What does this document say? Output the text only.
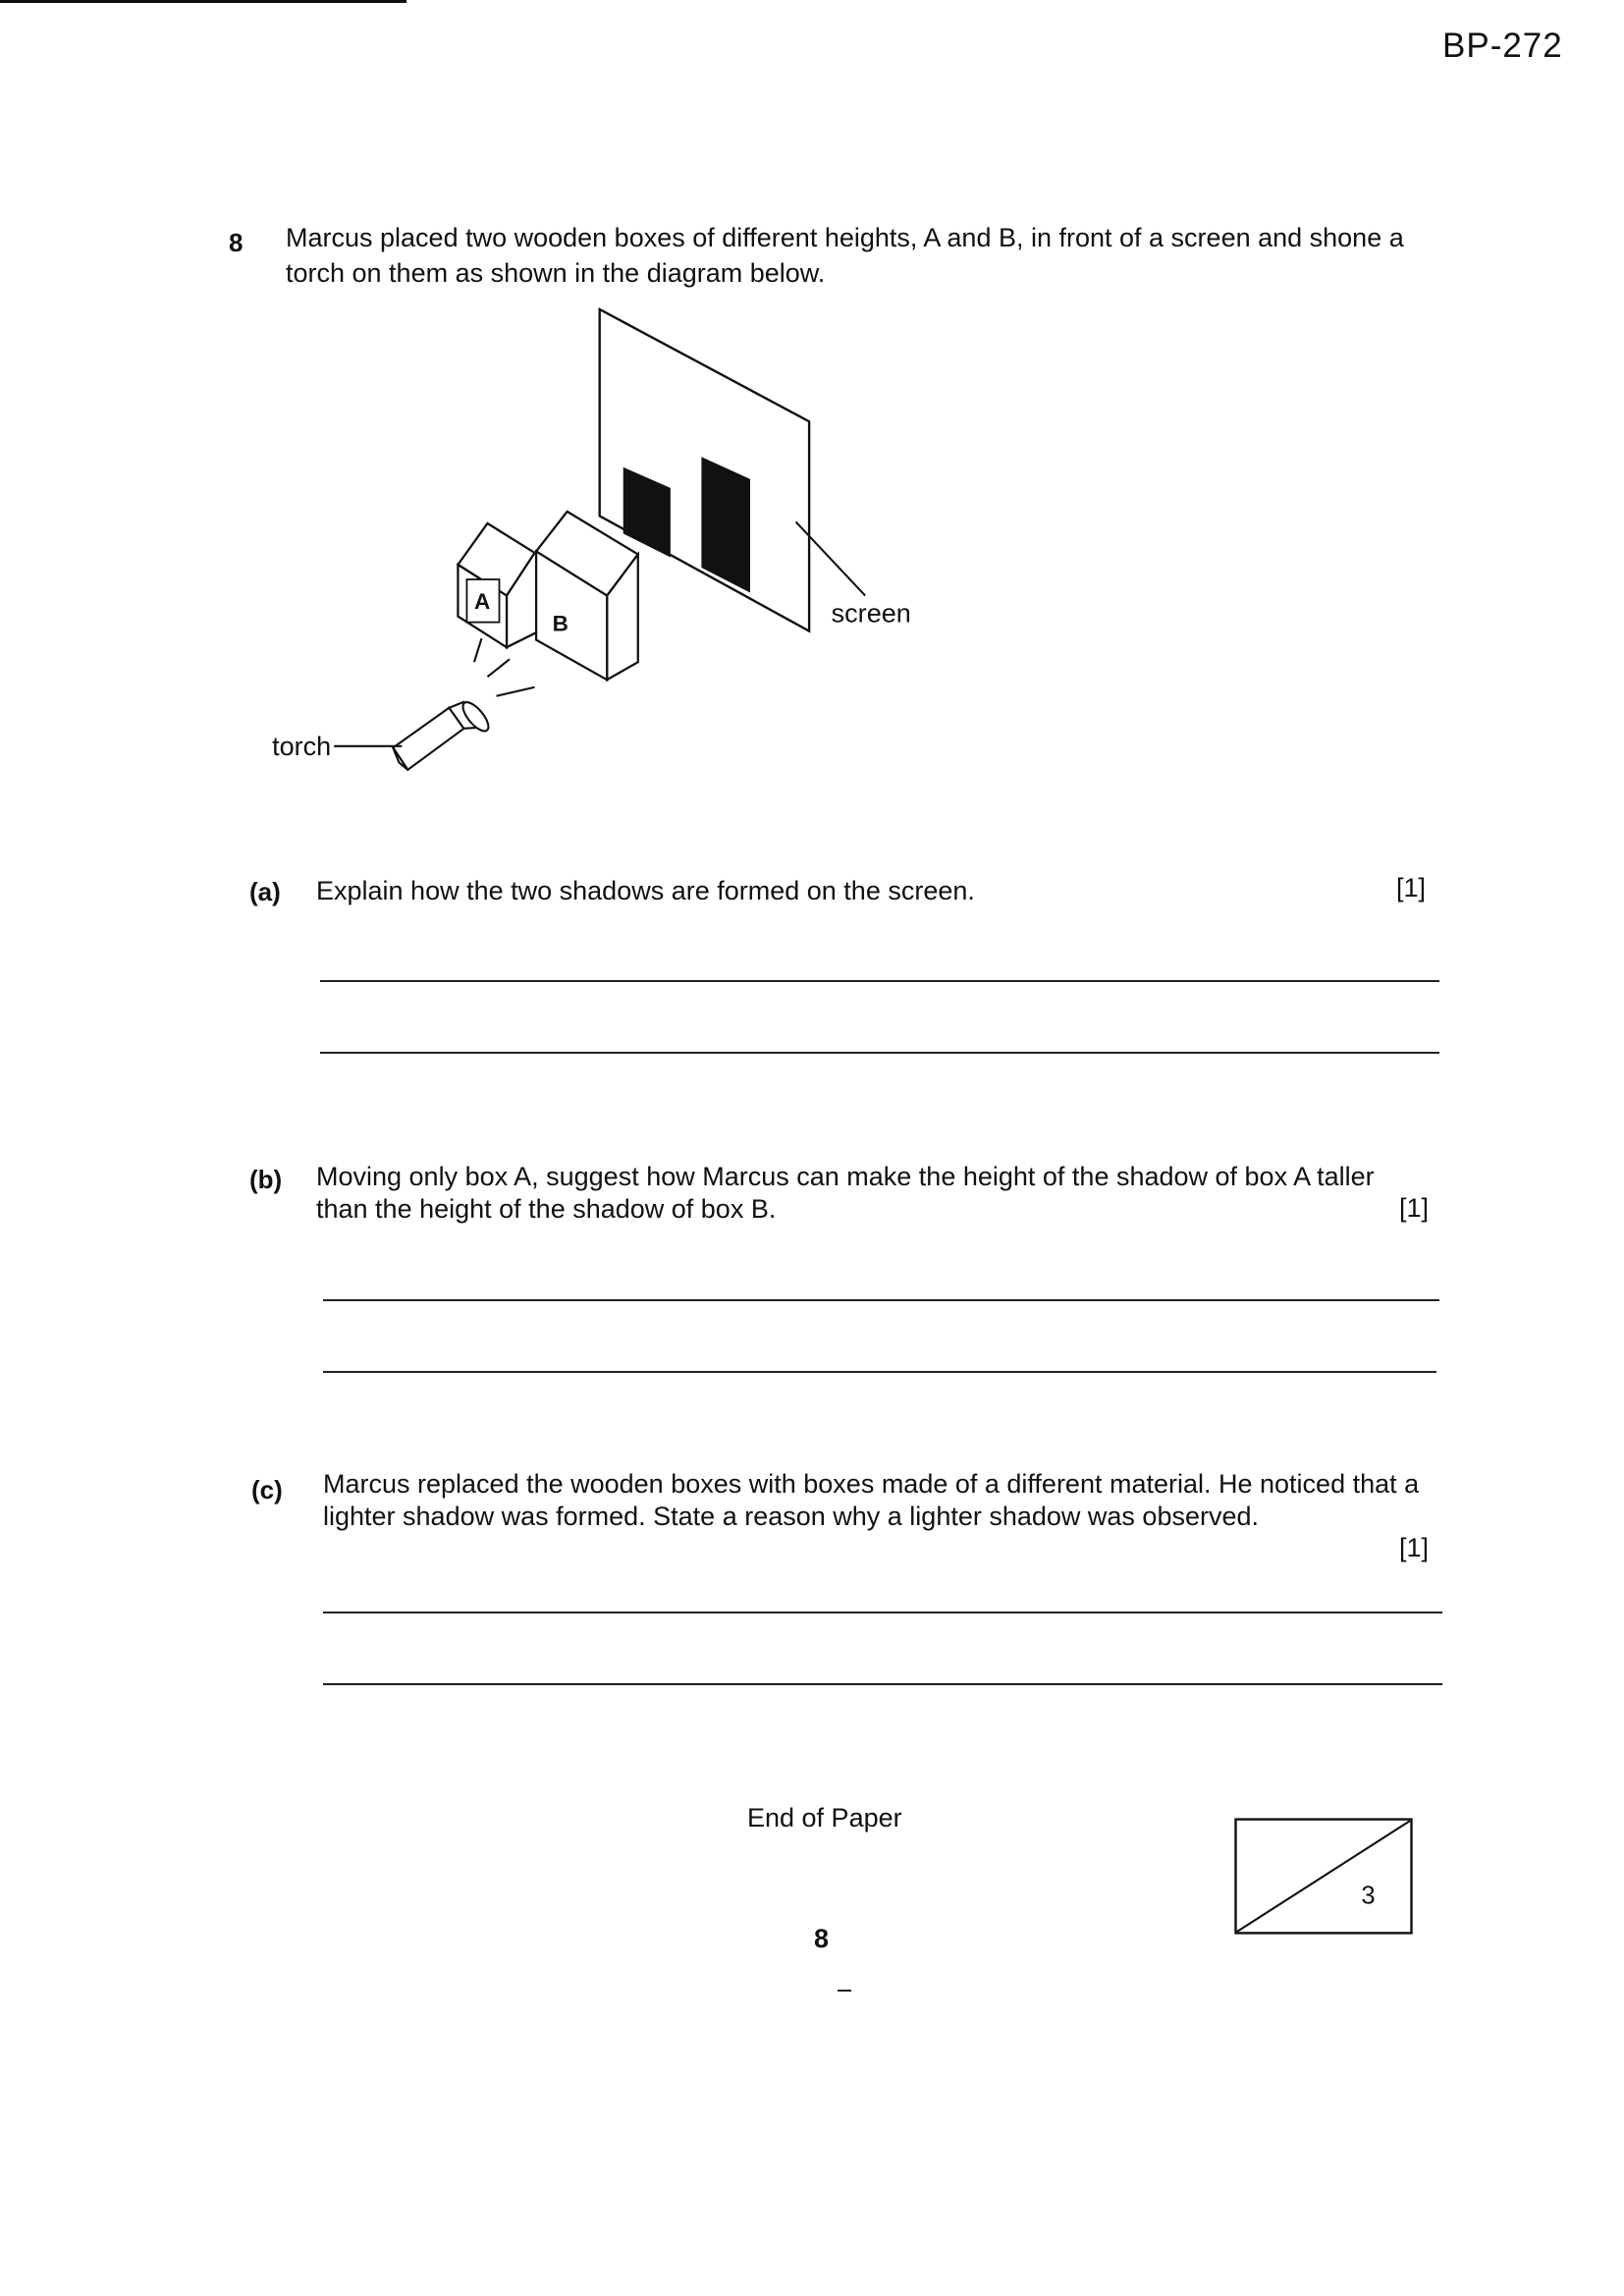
BP-272
8 Marcus placed two wooden boxes of different heights, A and B, in front of a screen and shone a torch on them as shown in the diagram below.
screen
A
B
torch
(a) Explain how the two shadows are formed on the screen.	[1]
(b) Moving only box A, suggest how Marcus can make the height of the shadow of box A taller than the height of the shadow of box B.	[1]
(c) Marcus replaced the wooden boxes with boxes made of a different material. He noticed that a lighter shadow was formed. State a reason why a lighter shadow was observed.
[1]
End of Paper
8
3
